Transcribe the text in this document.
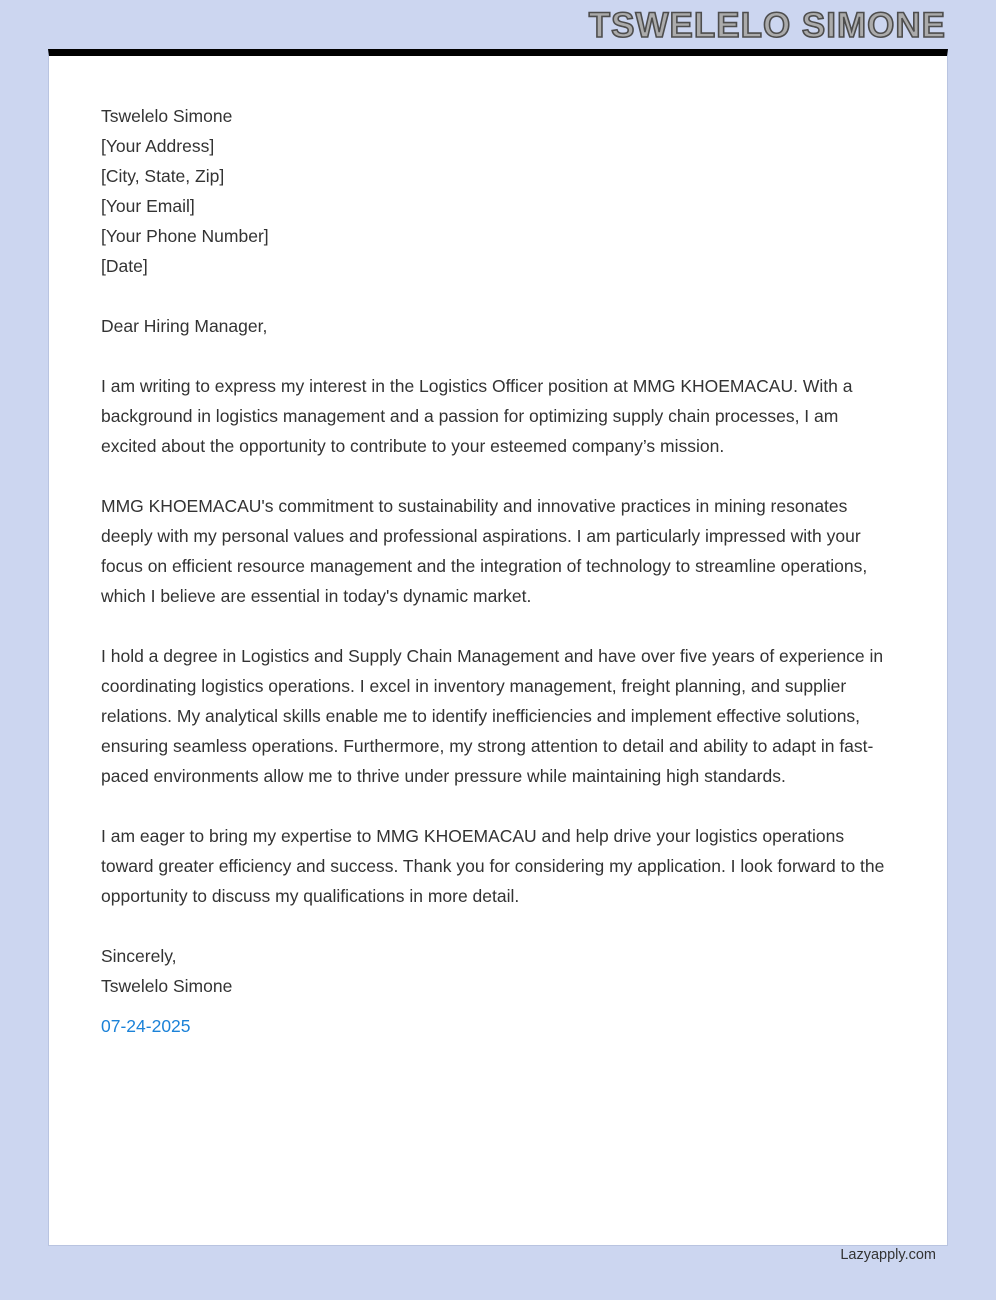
TSWELELO SIMONE
Tswelelo Simone
[Your Address]
[City, State, Zip]
[Your Email]
[Your Phone Number]
[Date]
Dear Hiring Manager,
I am writing to express my interest in the Logistics Officer position at MMG KHOEMACAU. With a background in logistics management and a passion for optimizing supply chain processes, I am excited about the opportunity to contribute to your esteemed company’s mission.
MMG KHOEMACAU's commitment to sustainability and innovative practices in mining resonates deeply with my personal values and professional aspirations. I am particularly impressed with your focus on efficient resource management and the integration of technology to streamline operations, which I believe are essential in today's dynamic market.
I hold a degree in Logistics and Supply Chain Management and have over five years of experience in coordinating logistics operations. I excel in inventory management, freight planning, and supplier relations. My analytical skills enable me to identify inefficiencies and implement effective solutions, ensuring seamless operations. Furthermore, my strong attention to detail and ability to adapt in fast-paced environments allow me to thrive under pressure while maintaining high standards.
I am eager to bring my expertise to MMG KHOEMACAU and help drive your logistics operations toward greater efficiency and success. Thank you for considering my application. I look forward to the opportunity to discuss my qualifications in more detail.
Sincerely,
Tswelelo Simone
07-24-2025
Lazyapply.com
